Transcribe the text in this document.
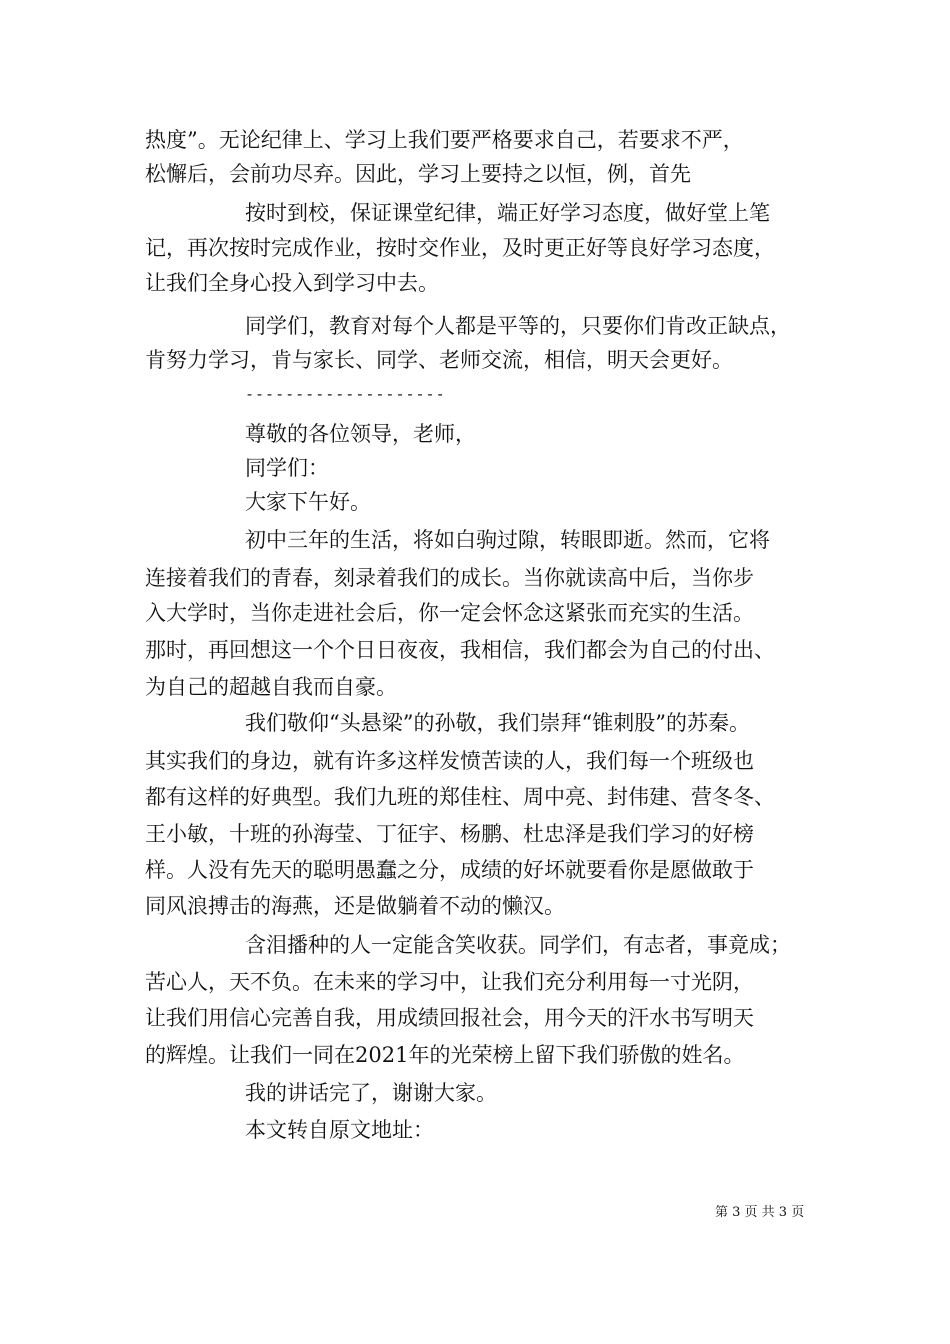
热度”。无论纪律上、学习上我们要严格要求自己，若要求不严，
松懈后，会前功尽弃。因此，学习上要持之以恒，例，首先
按时到校，保证课堂纪律，端正好学习态度，做好堂上笔
记，再次按时完成作业，按时交作业，及时更正好等良好学习态度，
让我们全身心投入到学习中去。
同学们，教育对每个人都是平等的，只要你们肯改正缺点，
肯努力学习，肯与家长、同学、老师交流，相信，明天会更好。
--------------------
尊敬的各位领导，老师，
同学们：
大家下午好。
初中三年的生活，将如白驹过隙，转眼即逝。然而，它将
连接着我们的青春，刻录着我们的成长。当你就读高中后，当你步
入大学时，当你走进社会后，你一定会怀念这紧张而充实的生活。
那时，再回想这一个个日日夜夜，我相信，我们都会为自己的付出、
为自己的超越自我而自豪。
我们敬仰“头悬梁”的孙敬，我们崇拜“锥刺股”的苏秦。
其实我们的身边，就有许多这样发愤苦读的人，我们每一个班级也
都有这样的好典型。我们九班的郑佳柱、周中亮、封伟建、营冬冬、
王小敏，十班的孙海莹、丁征宇、杨鹏、杜忠泽是我们学习的好榜
样。人没有先天的聪明愚蠢之分，成绩的好坏就要看你是愿做敢于
同风浪搏击的海燕，还是做躺着不动的懒汉。
含泪播种的人一定能含笑收获。同学们，有志者，事竟成；
苦心人，天不负。在未来的学习中，让我们充分利用每一寸光阴，
让我们用信心完善自我，用成绩回报社会，用今天的汗水书写明天
的辉煌。让我们一同在2021年的光荣榜上留下我们骄傲的姓名。
我的讲话完了，谢谢大家。
本文转自原文地址：
第 3 页 共 3 页
